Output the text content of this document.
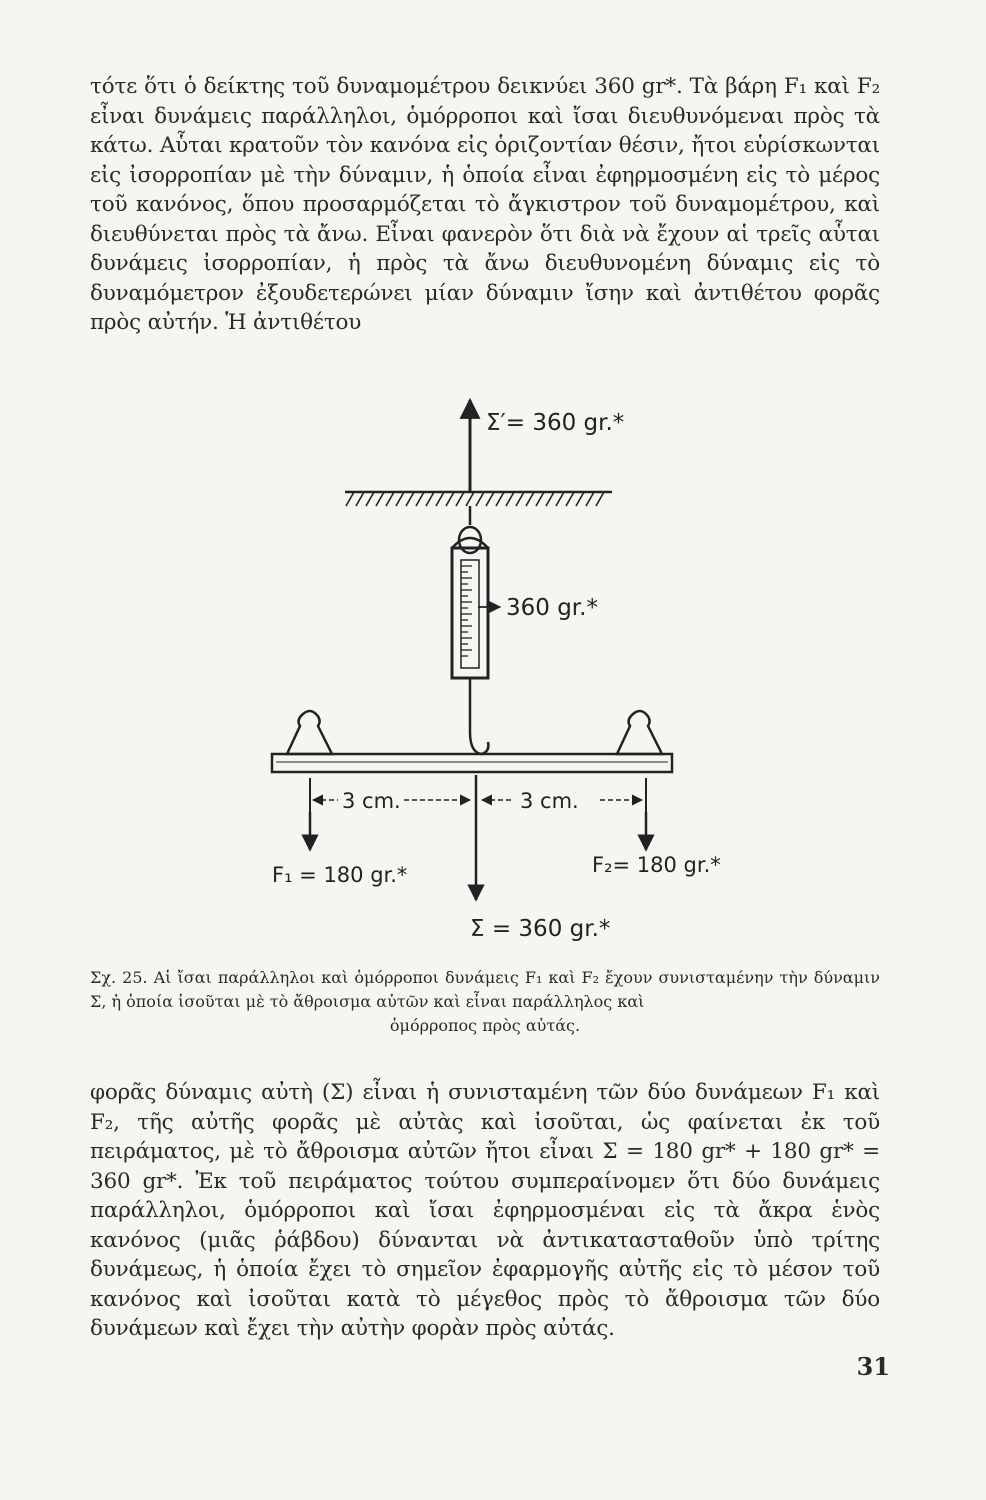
τότε ὅτι ὁ δείκτης τοῦ δυναμομέτρου δεικνύει 360 gr*. Τὰ βάρη F₁ καὶ F₂ εἶναι δυνάμεις παράλληλοι, ὁμόρροποι καὶ ἴσαι διευθυνόμεναι πρὸς τὰ κάτω. Αὗται κρατοῦν τὸν κανόνα εἰς ὁριζοντίαν θέσιν, ἤτοι εὑρίσκωνται εἰς ἰσορροπίαν μὲ τὴν δύναμιν, ἡ ὁποία εἶναι ἐφηρμοσμένη εἰς τὸ μέρος τοῦ κανόνος, ὅπου προσαρμόζεται τὸ ἄγκιστρον τοῦ δυναμομέτρου, καὶ διευθύνεται πρὸς τὰ ἄνω. Εἶναι φανερὸν ὅτι διὰ νὰ ἔχουν αἱ τρεῖς αὗται δυνάμεις ἰσορροπίαν, ἡ πρὸς τὰ ἄνω διευθυνομένη δύναμις εἰς τὸ δυναμόμετρον ἐξουδετερώνει μίαν δύναμιν ἴσην καὶ ἀντιθέτου φορᾶς πρὸς αὐτήν. Ἡ ἀντιθέτου

Σ′= 360 gr.*
360 gr.*
3 cm.	3 cm.
F₁ = 180 gr.*	F₂= 180 gr.*
Σ = 360 gr.*

Σχ. 25. Αἱ ἴσαι παράλληλοι καὶ ὁμόρροποι δυνάμεις F₁ καὶ F₂ ἔχουν συνισταμένην τὴν δύναμιν Σ, ἡ ὁποία ἰσοῦται μὲ τὸ ἄθροισμα αὐτῶν καὶ εἶναι παράλληλος καὶ
ὁμόρροπος πρὸς αὐτάς.

φορᾶς δύναμις αὐτὴ (Σ) εἶναι ἡ συνισταμένη τῶν δύο δυνάμεων F₁ καὶ F₂, τῆς αὐτῆς φορᾶς μὲ αὐτὰς καὶ ἰσοῦται, ὡς φαίνεται ἐκ τοῦ πειράματος, μὲ τὸ ἄθροισμα αὐτῶν ἤτοι εἶναι Σ = 180 gr* + 180 gr* = 360 gr*. Ἐκ τοῦ πειράματος τούτου συμπεραίνομεν ὅτι δύο δυνάμεις παράλληλοι, ὁμόρροποι καὶ ἴσαι ἐφηρμοσμέναι εἰς τὰ ἄκρα ἑνὸς κανόνος (μιᾶς ῥάβδου) δύνανται νὰ ἀντικατασταθοῦν ὑπὸ τρίτης δυνάμεως, ἡ ὁποία ἔχει τὸ σημεῖον ἐφαρμογῆς αὐτῆς εἰς τὸ μέσον τοῦ κανόνος καὶ ἰσοῦται κατὰ τὸ μέγεθος πρὸς τὸ ἄθροισμα τῶν δύο δυνάμεων καὶ ἔχει τὴν αὐτὴν φορὰν πρὸς αὐτάς.

31
